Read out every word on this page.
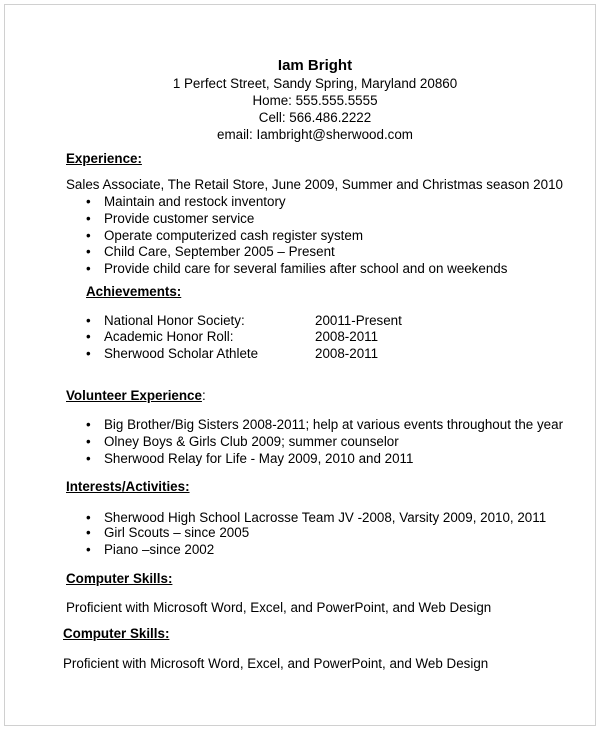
Iam Bright
1 Perfect Street, Sandy Spring, Maryland 20860
Home: 555.555.5555
Cell: 566.486.2222
email: Iambright@sherwood.com
Experience:
Sales Associate, The Retail Store, June 2009, Summer and Christmas season 2010
• Maintain and restock inventory
• Provide customer service
• Operate computerized cash register system
• Child Care, September 2005 – Present
• Provide child care for several families after school and on weekends
Achievements:
• National Honor Society:	20011-Present
• Academic Honor Roll:	2008-2011
• Sherwood Scholar Athlete	2008-2011
Volunteer Experience:
• Big Brother/Big Sisters 2008-2011; help at various events throughout the year
• Olney Boys & Girls Club 2009; summer counselor
• Sherwood Relay for Life - May 2009, 2010 and 2011
Interests/Activities:
• Sherwood High School Lacrosse Team JV -2008, Varsity 2009, 2010, 2011
• Girl Scouts – since 2005
• Piano –since 2002
Computer Skills:
Proficient with Microsoft Word, Excel, and PowerPoint, and Web Design
Computer Skills:
Proficient with Microsoft Word, Excel, and PowerPoint, and Web Design
